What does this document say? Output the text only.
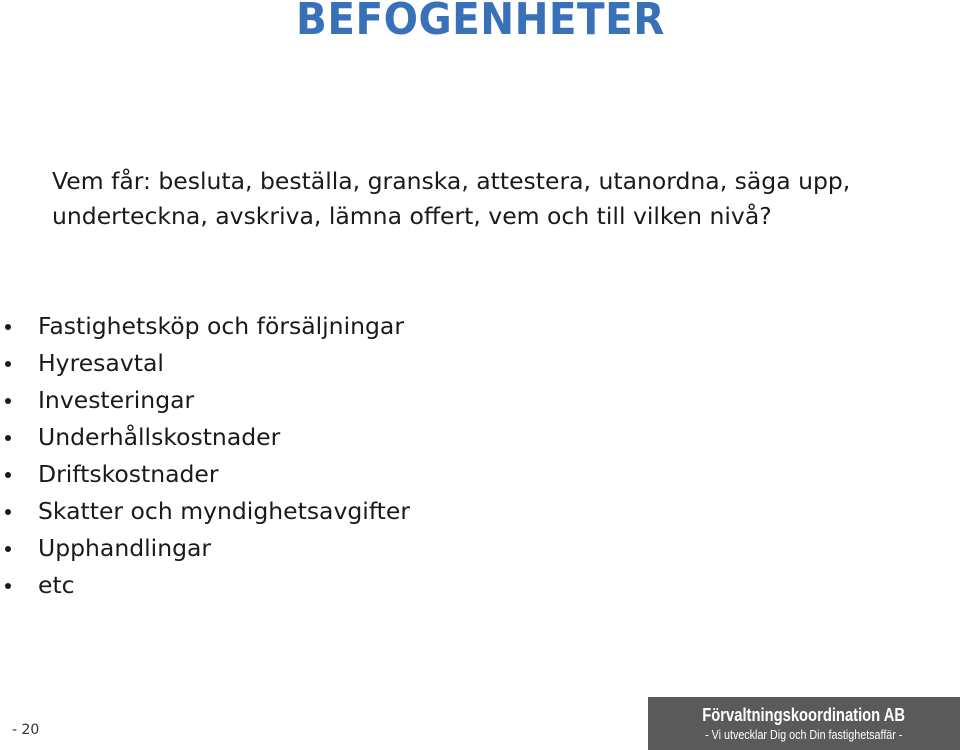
BEFOGENHETER

Vem får: besluta, beställa, granska, attestera, utanordna, säga upp, underteckna, avskriva, lämna offert, vem och till vilken nivå?

Fastighetsköp och försäljningar
Hyresavtal
Investeringar
Underhållskostnader
Driftskostnader
Skatter och myndighetsavgifter
Upphandlingar
etc
- 20
Förvaltningskoordination AB
- Vi utvecklar Dig och Din fastighetsaffär -
